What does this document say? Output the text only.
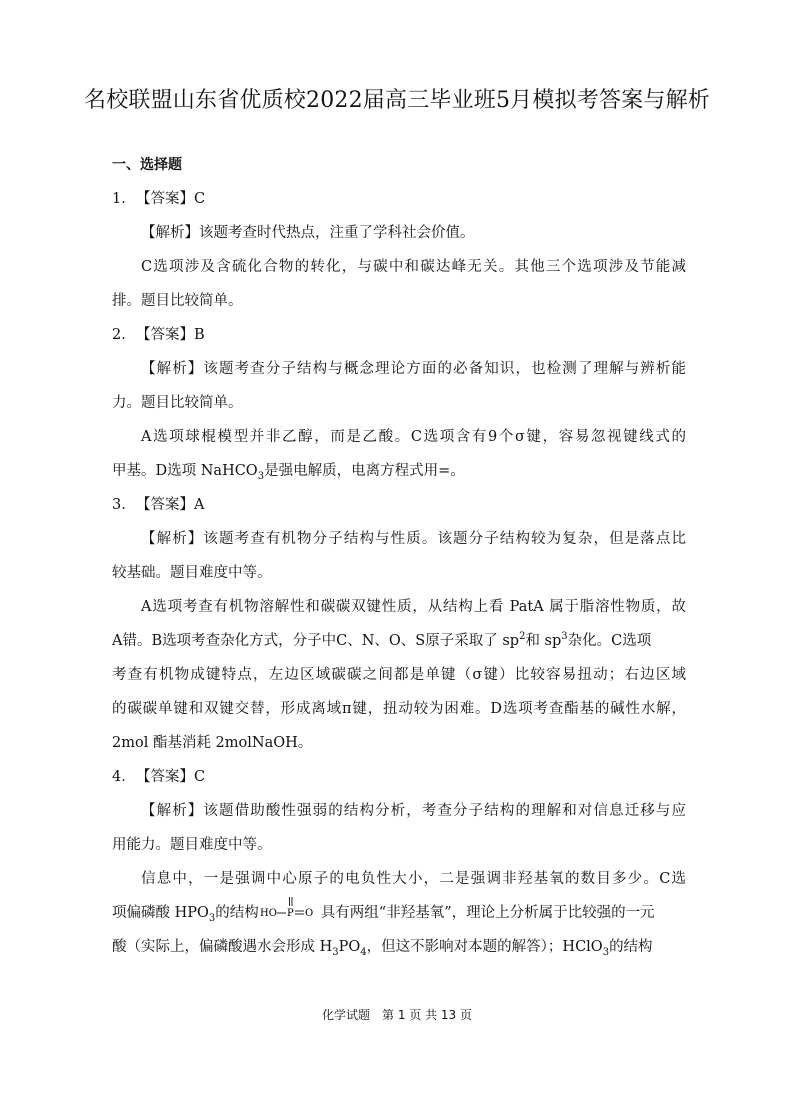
名校联盟山东省优质校2022届高三毕业班5月模拟考答案与解析
一、选择题
1．【答案】C
【解析】该题考查时代热点，注重了学科社会价值。
C选项涉及含硫化合物的转化，与碳中和碳达峰无关。其他三个选项涉及节能减
排。题目比较简单。
2．【答案】B
【解析】该题考查分子结构与概念理论方面的必备知识，也检测了理解与辨析能
力。题目比较简单。
A选项球棍模型并非乙醇，而是乙酸。C选项含有9个σ键，容易忽视键线式的
甲基。D选项 NaHCO$_3$是强电解质，电离方程式用=。
3．【答案】A
【解析】该题考查有机物分子结构与性质。该题分子结构较为复杂，但是落点比
较基础。题目难度中等。
A选项考查有机物溶解性和碳碳双键性质，从结构上看 PatA 属于脂溶性物质，故
A错。B选项考查杂化方式，分子中C、N、O、S原子采取了 $sp^2$和 $sp^3$杂化。C选项
考查有机物成键特点，左边区域碳碳之间都是单键（σ键）比较容易扭动；右边区域
的碳碳单键和双键交替，形成离域π键，扭动较为困难。D选项考查酯基的碱性水解，
2mol 酯基消耗 2molNaOH。
4．【答案】C
【解析】该题借助酸性强弱的结构分析，考查分子结构的理解和对信息迁移与应
用能力。题目难度中等。
信息中，一是强调中心原子的电负性大小，二是强调非羟基氧的数目多少。C选
项偏磷酸 $HPO_3$的结构 HO P
O
O 具有两组“非羟基氧”，理论上分析属于比较强的一元
酸（实际上，偏磷酸遇水会形成 $H_3PO_4$，但这不影响对本题的解答）；HClO$_3$的结构
化学试题　第 1 页 共 13 页
